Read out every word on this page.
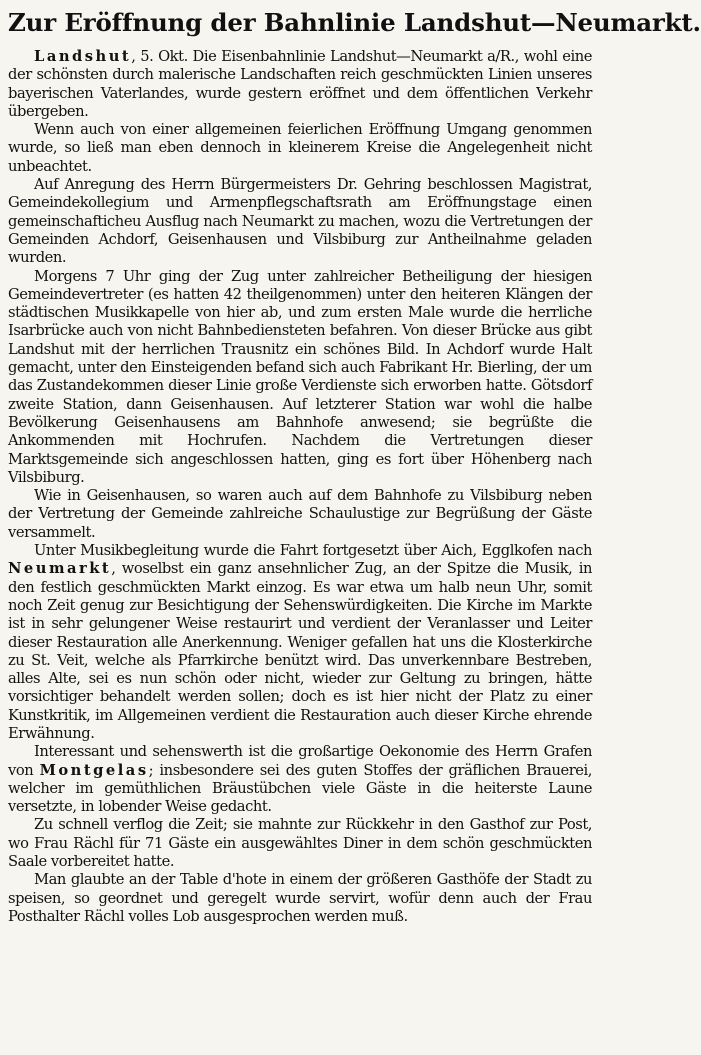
Zur Eröffnung der Bahnlinie Landshut—Neumarkt.

Landshut, 5. Okt. Die Eisenbahnlinie Landshut—Neumarkt a/R., wohl eine der schönsten durch malerische Landschaften reich geschmückten Linien unseres bayerischen Vaterlandes, wurde gestern eröffnet und dem öffentlichen Verkehr übergeben.

Wenn auch von einer allgemeinen feierlichen Eröffnung Umgang genommen wurde, so ließ man eben dennoch in kleinerem Kreise die Angelegenheit nicht unbeachtet.

Auf Anregung des Herrn Bürgermeisters Dr. Gehring beschlossen Magistrat, Gemeindekollegium und Armenpflegschaftsrath am Eröffnungstage einen gemeinschafticheu Ausflug nach Neumarkt zu machen, wozu die Vertretungen der Gemeinden Achdorf, Geisenhausen und Vilsbiburg zur Antheilnahme geladen wurden.

Morgens 7 Uhr ging der Zug unter zahlreicher Betheiligung der hiesigen Gemeindevertreter (es hatten 42 theilgenommen) unter den heiteren Klängen der städtischen Musikkapelle von hier ab, und zum ersten Male wurde die herrliche Isarbrücke auch von nicht Bahnbediensteten befahren. Von dieser Brücke aus gibt Landshut mit der herrlichen Trausnitz ein schönes Bild. In Achdorf wurde Halt gemacht, unter den Einsteigenden befand sich auch Fabrikant Hr. Bierling, der um das Zustandekommen dieser Linie große Verdienste sich erworben hatte. Götsdorf zweite Station, dann Geisenhausen. Auf letzterer Station war wohl die halbe Bevölkerung Geisenhausens am Bahnhofe anwesend; sie begrüßte die Ankommenden mit Hochrufen. Nachdem die Vertretungen dieser Marktsgemeinde sich angeschlossen hatten, ging es fort über Höhenberg nach Vilsbiburg.

Wie in Geisenhausen, so waren auch auf dem Bahnhofe zu Vilsbiburg neben der Vertretung der Gemeinde zahlreiche Schaulustige zur Begrüßung der Gäste versammelt.

Unter Musikbegleitung wurde die Fahrt fortgesetzt über Aich, Egglkofen nach Neumarkt, woselbst ein ganz ansehnlicher Zug, an der Spitze die Musik, in den festlich geschmückten Markt einzog. Es war etwa um halb neun Uhr, somit noch Zeit genug zur Besichtigung der Sehenswürdigkeiten. Die Kirche im Markte ist in sehr gelungener Weise restaurirt und verdient der Veranlasser und Leiter dieser Restauration alle Anerkennung. Weniger gefallen hat uns die Klosterkirche zu St. Veit, welche als Pfarrkirche benützt wird. Das unverkennbare Bestreben, alles Alte, sei es nun schön oder nicht, wieder zur Geltung zu bringen, hätte vorsichtiger behandelt werden sollen; doch es ist hier nicht der Platz zu einer Kunstkritik, im Allgemeinen verdient die Restauration auch dieser Kirche ehrende Erwähnung.

Interessant und sehenswerth ist die großartige Oekonomie des Herrn Grafen von Montgelas; insbesondere sei des guten Stoffes der gräflichen Brauerei, welcher im gemüthlichen Bräustübchen viele Gäste in die heiterste Laune versetzte, in lobender Weise gedacht.

Zu schnell verflog die Zeit; sie mahnte zur Rückkehr in den Gasthof zur Post, wo Frau Rächl für 71 Gäste ein ausgewähltes Diner in dem schön geschmückten Saale vorbereitet hatte.

Man glaubte an der Table d'hote in einem der größeren Gasthöfe der Stadt zu speisen, so geordnet und geregelt wurde servirt, wofür denn auch der Frau Posthalter Rächl volles Lob ausgesprochen werden muß.
